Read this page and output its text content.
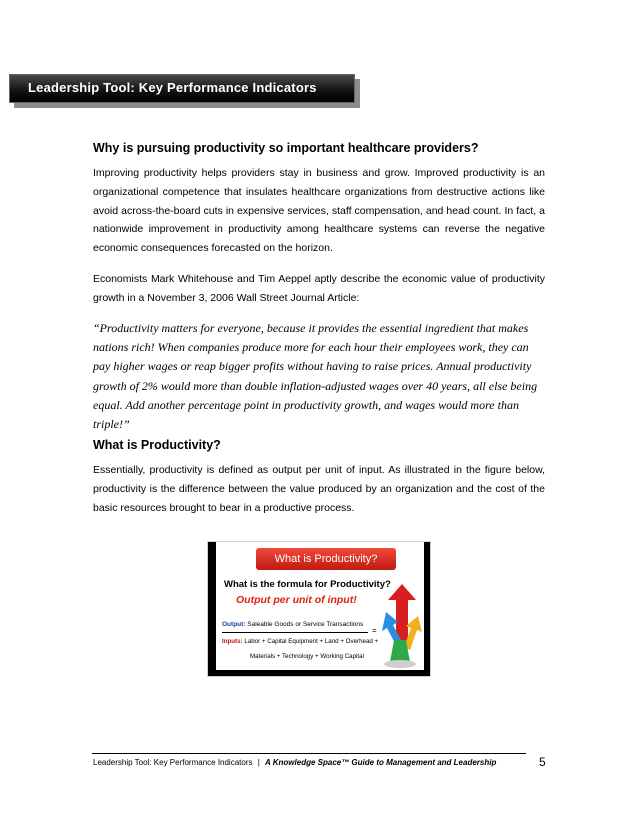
Leadership Tool: Key Performance Indicators
Why is pursuing productivity so important healthcare providers?

Improving productivity helps providers stay in business and grow. Improved productivity is an organizational competence that insulates healthcare organizations from destructive actions like avoid across-the-board cuts in expensive services, staff compensation, and head count. In fact, a nationwide improvement in productivity among healthcare systems can reverse the negative economic consequences forecasted on the horizon.

Economists Mark Whitehouse and Tim Aeppel aptly describe the economic value of productivity growth in a November 3, 2006 Wall Street Journal Article:

“Productivity matters for everyone, because it provides the essential ingredient that makes nations rich! When companies produce more for each hour their employees work, they can pay higher wages or reap bigger profits without having to raise prices. Annual productivity growth of 2% would more than double inflation-adjusted wages over 40 years, all else being equal. Add another percentage point in productivity growth, and wages would more than triple!”

What is Productivity?

Essentially, productivity is defined as output per unit of input. As illustrated in the figure below, productivity is the difference between the value produced by an organization and the cost of the basic resources brought to bear in a productive process.

What is Productivity?
What is the formula for Productivity?
Output per unit of input!
Output: Saleable Goods or Service Transactions
=
Inputs: Labor + Capital Equipment + Land + Overhead +
Materials + Technology + Working Capital
Leadership Tool: Key Performance Indicators | A Knowledge Space™ Guide to Management and Leadership	5
